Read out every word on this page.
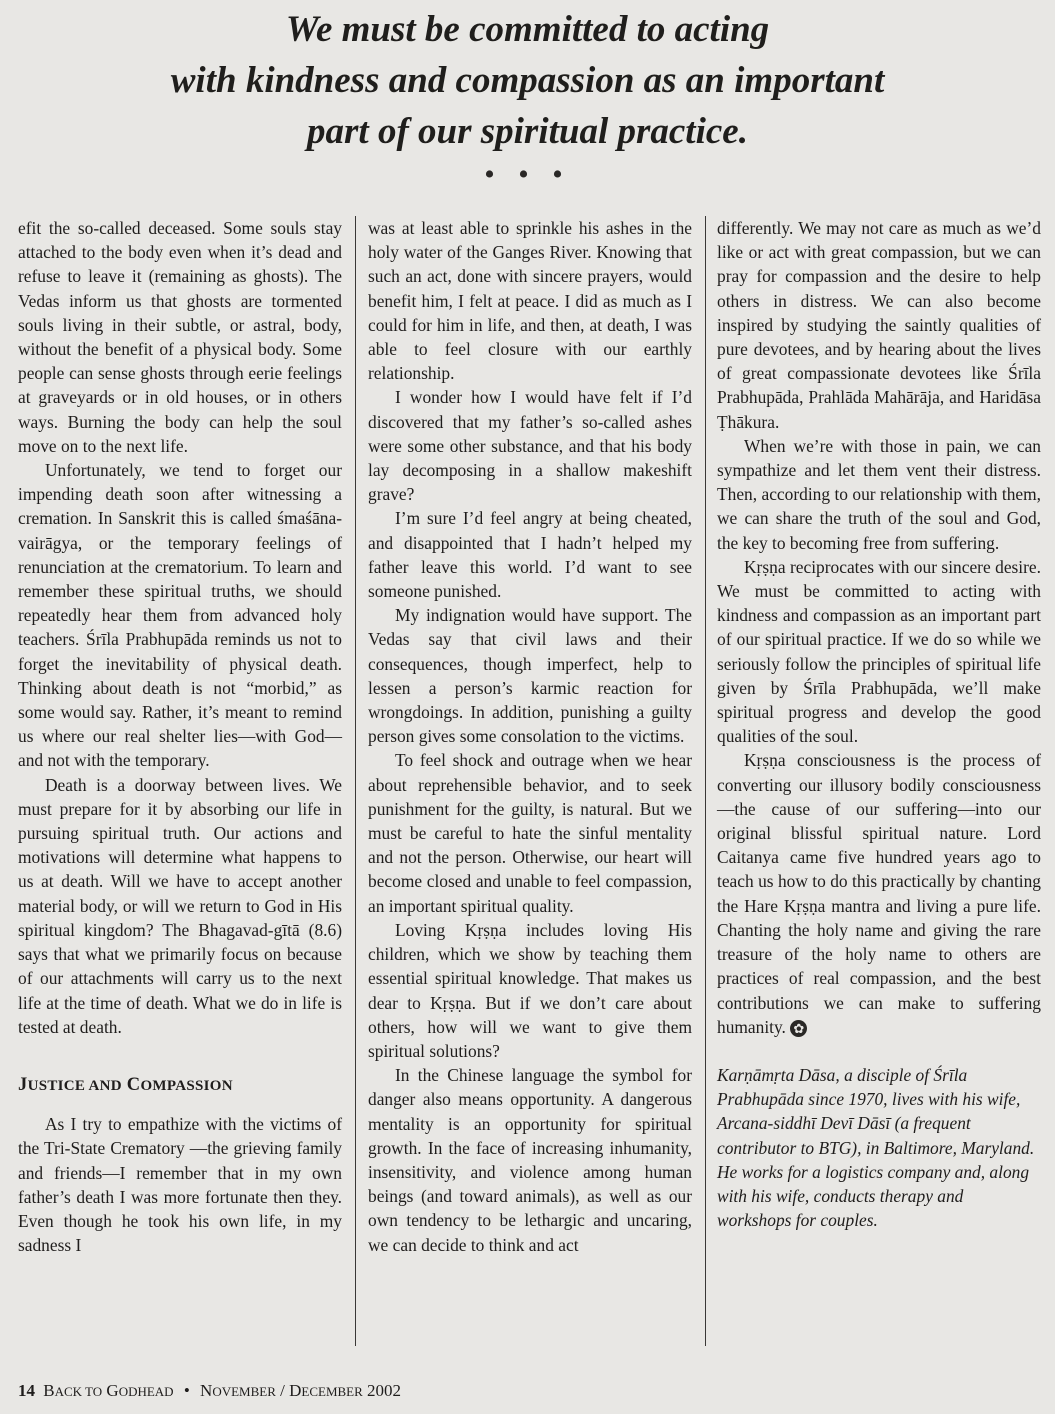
We must be committed to acting
with kindness and compassion as an important
part of our spiritual practice.
• • •

efit the so-called deceased. Some souls stay attached to the body even when it’s dead and refuse to leave it (remaining as ghosts). The Vedas inform us that ghosts are tormented souls living in their subtle, or astral, body, without the benefit of a physical body. Some people can sense ghosts through eerie feelings at graveyards or in old houses, or in others ways. Burning the body can help the soul move on to the next life.

Unfortunately, we tend to forget our impending death soon after witnessing a cremation. In Sanskrit this is called śmaśāna-vairāgya, or the temporary feelings of renunciation at the crematorium. To learn and remember these spiritual truths, we should repeatedly hear them from advanced holy teachers. Śrīla Prabhupāda reminds us not to forget the inevitability of physical death. Thinking about death is not “morbid,” as some would say. Rather, it’s meant to remind us where our real shelter lies—with God—and not with the temporary.

Death is a doorway between lives. We must prepare for it by absorbing our life in pursuing spiritual truth. Our actions and motivations will determine what happens to us at death. Will we have to accept another material body, or will we return to God in His spiritual kingdom? The Bhagavad-gītā (8.6) says that what we primarily focus on because of our attachments will carry us to the next life at the time of death. What we do in life is tested at death.

JUSTICE AND COMPASSION

As I try to empathize with the victims of the Tri-State Crematory —the grieving family and friends—I remember that in my own father’s death I was more fortunate then they. Even though he took his own life, in my sadness I

was at least able to sprinkle his ashes in the holy water of the Ganges River. Knowing that such an act, done with sincere prayers, would benefit him, I felt at peace. I did as much as I could for him in life, and then, at death, I was able to feel closure with our earthly relationship.

I wonder how I would have felt if I’d discovered that my father’s so-called ashes were some other substance, and that his body lay decomposing in a shallow makeshift grave?

I’m sure I’d feel angry at being cheated, and disappointed that I hadn’t helped my father leave this world. I’d want to see someone punished.

My indignation would have support. The Vedas say that civil laws and their consequences, though imperfect, help to lessen a person’s karmic reaction for wrongdoings. In addition, punishing a guilty person gives some consolation to the victims.

To feel shock and outrage when we hear about reprehensible behavior, and to seek punishment for the guilty, is natural. But we must be careful to hate the sinful mentality and not the person. Otherwise, our heart will become closed and unable to feel compassion, an important spiritual quality.

Loving Kṛṣṇa includes loving His children, which we show by teaching them essential spiritual knowledge. That makes us dear to Kṛṣṇa. But if we don’t care about others, how will we want to give them spiritual solutions?

In the Chinese language the symbol for danger also means opportunity. A dangerous mentality is an opportunity for spiritual growth. In the face of increasing inhumanity, insensitivity, and violence among human beings (and toward animals), as well as our own tendency to be lethargic and uncaring, we can decide to think and act

differently. We may not care as much as we’d like or act with great compassion, but we can pray for compassion and the desire to help others in distress. We can also become inspired by studying the saintly qualities of pure devotees, and by hearing about the lives of great compassionate devotees like Śrīla Prabhupāda, Prahlāda Mahārāja, and Haridāsa Ṭhākura.

When we’re with those in pain, we can sympathize and let them vent their distress. Then, according to our relationship with them, we can share the truth of the soul and God, the key to becoming free from suffering.

Kṛṣṇa reciprocates with our sincere desire. We must be committed to acting with kindness and compassion as an important part of our spiritual practice. If we do so while we seriously follow the principles of spiritual life given by Śrīla Prabhupāda, we’ll make spiritual progress and develop the good qualities of the soul.

Kṛṣṇa consciousness is the process of converting our illusory bodily consciousness—the cause of our suffering—into our original blissful spiritual nature. Lord Caitanya came five hundred years ago to teach us how to do this practically by chanting the Hare Kṛṣṇa mantra and living a pure life. Chanting the holy name and giving the rare treasure of the holy name to others are practices of real compassion, and the best contributions we can make to suffering humanity. ✿

Karṇāmṛta Dāsa, a disciple of Śrīla Prabhupāda since 1970, lives with his wife, Arcana-siddhī Devī Dāsī (a frequent contributor to BTG), in Baltimore, Maryland. He works for a logistics company and, along with his wife, conducts therapy and workshops for couples.

14 BACK TO GODHEAD • NOVEMBER / DECEMBER 2002
